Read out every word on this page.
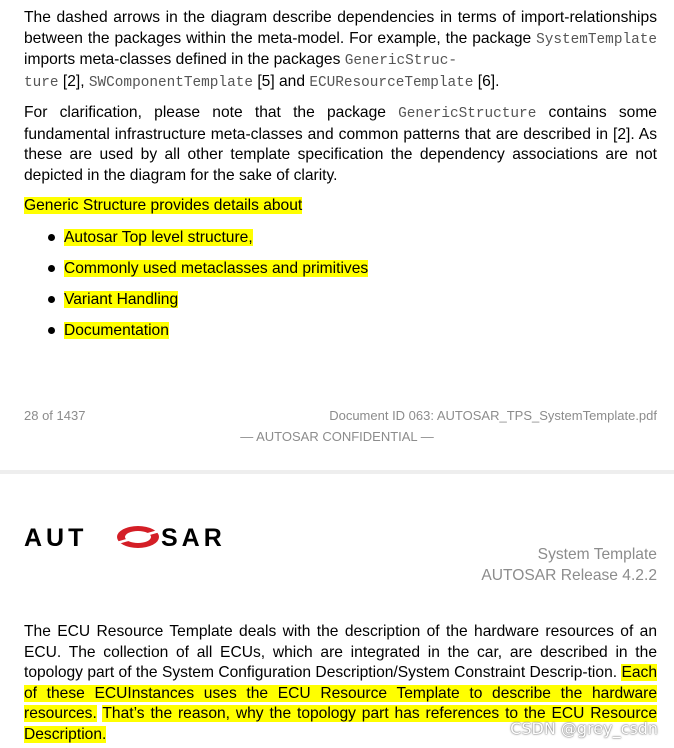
The dashed arrows in the diagram describe dependencies in terms of import-relationships between the packages within the meta-model. For example, the package SystemTemplate imports meta-classes defined in the packages GenericStruc-
ture [2], SWComponentTemplate [5] and ECUResourceTemplate [6].

For clarification, please note that the package GenericStructure contains some fundamental infrastructure meta-classes and common patterns that are described in [2]. As these are used by all other template specification the dependency associations are not depicted in the diagram for the sake of clarity.

Generic Structure provides details about

Autosar Top level structure,
Commonly used metaclasses and primitives
Variant Handling
Documentation
28 of 1437	Document ID 063: AUTOSAR_TPS_SystemTemplate.pdf
— AUTOSAR CONFIDENTIAL —
AUT	SAR
System Template
AUTOSAR Release 4.2.2

The ECU Resource Template deals with the description of the hardware resources of an ECU. The collection of all ECUs, which are integrated in the car, are described in the topology part of the System Configuration Description/System Constraint Descrip-tion. Each of these ECUInstances uses the ECU Resource Template to describe the hardware resources. That’s the reason, why the topology part has references to the ECU Resource Description.	CSDN @grey_csdn
